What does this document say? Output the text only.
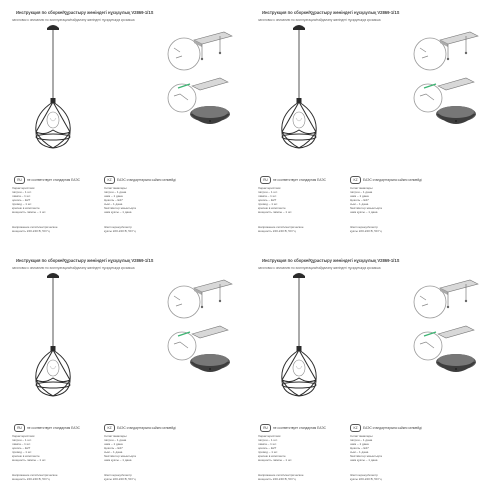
Инструкция по сборке/Құрастыру жөніндегі нұсқаулық V2869-1/1S
заголовок к описанию по эксплуатации/пайдалану жөніндегі нұсқаулыққа қосымша
RU	не соответствует стандартам ЕАЭС	KZ	ЕАЭС стандарттарына сәйкес келмейді
Характеристики:
патрон – 1 шт.
лампа – 1 шт.
цоколь – E27
провод – 1 шт.
крепеж в комплекте
мощность лампы – 1 шт.
Сипаттамалары:
патрон – 1 дана
шам – 1 дана
Цоколь – Е27
сым – 1 дана
бекіткіштер жиынтықта
шам қуаты – 1 дана
Напряжение сети/электрическое
мощность 220-240 В, 50 Гц
Желі кернеуі/электр
қуаты 220-240 В, 50 Гц
Инструкция по сборке/Құрастыру жөніндегі нұсқаулық V2869-1/1S
заголовок к описанию по эксплуатации/пайдалану жөніндегі нұсқаулыққа қосымша
RU	не соответствует стандартам ЕАЭС	KZ	ЕАЭС стандарттарына сәйкес келмейді
Характеристики:
патрон – 1 шт.
лампа – 1 шт.
цоколь – E27
провод – 1 шт.
крепеж в комплекте
мощность лампы – 1 шт.
Сипаттамалары:
патрон – 1 дана
шам – 1 дана
Цоколь – Е27
сым – 1 дана
бекіткіштер жиынтықта
шам қуаты – 1 дана
Напряжение сети/электрическое
мощность 220-240 В, 50 Гц
Желі кернеуі/электр
қуаты 220-240 В, 50 Гц
Инструкция по сборке/Құрастыру жөніндегі нұсқаулық V2869-1/1S
заголовок к описанию по эксплуатации/пайдалану жөніндегі нұсқаулыққа қосымша
RU	не соответствует стандартам ЕАЭС	KZ	ЕАЭС стандарттарына сәйкес келмейді
Характеристики:
патрон – 1 шт.
лампа – 1 шт.
цоколь – E27
провод – 1 шт.
крепеж в комплекте
мощность лампы – 1 шт.
Сипаттамалары:
патрон – 1 дана
шам – 1 дана
Цоколь – Е27
сым – 1 дана
бекіткіштер жиынтықта
шам қуаты – 1 дана
Напряжение сети/электрическое
мощность 220-240 В, 50 Гц
Желі кернеуі/электр
қуаты 220-240 В, 50 Гц
Инструкция по сборке/Құрастыру жөніндегі нұсқаулық V2869-1/1S
заголовок к описанию по эксплуатации/пайдалану жөніндегі нұсқаулыққа қосымша
RU	не соответствует стандартам ЕАЭС	KZ	ЕАЭС стандарттарына сәйкес келмейді
Характеристики:
патрон – 1 шт.
лампа – 1 шт.
цоколь – E27
провод – 1 шт.
крепеж в комплекте
мощность лампы – 1 шт.
Сипаттамалары:
патрон – 1 дана
шам – 1 дана
Цоколь – Е27
сым – 1 дана
бекіткіштер жиынтықта
шам қуаты – 1 дана
Напряжение сети/электрическое
мощность 220-240 В, 50 Гц
Желі кернеуі/электр
қуаты 220-240 В, 50 Гц
